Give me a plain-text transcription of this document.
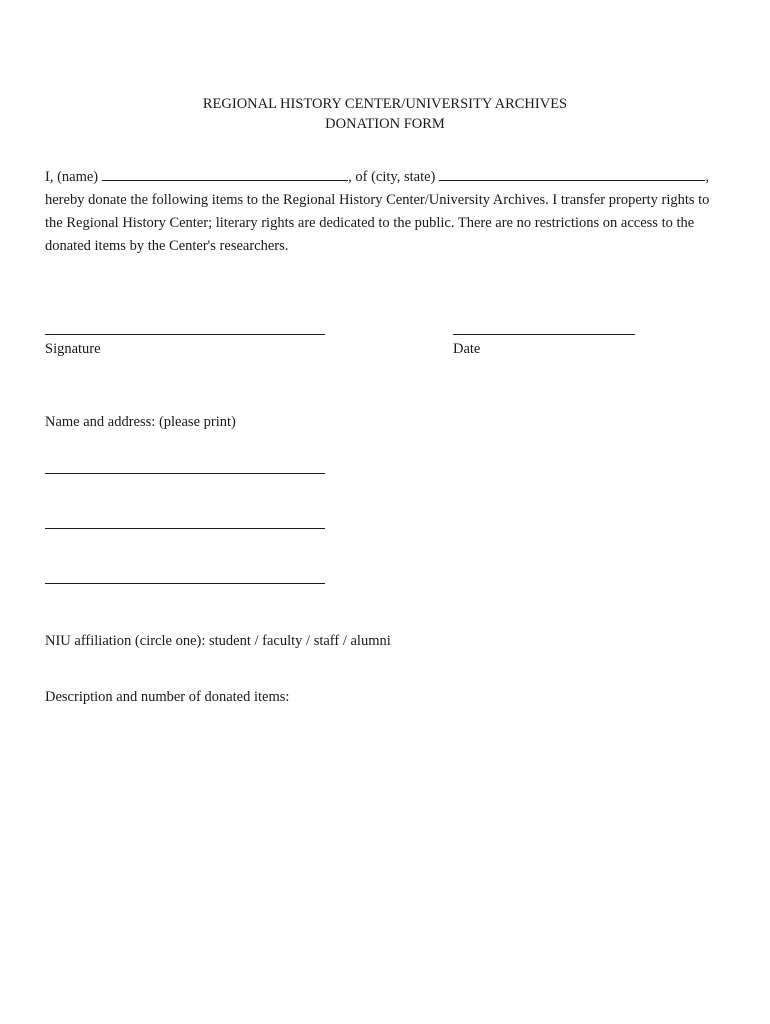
REGIONAL HISTORY CENTER/UNIVERSITY ARCHIVES
DONATION FORM
I, (name)	, of (city, state)	,
hereby donate the following items to the Regional History Center/University Archives. I transfer property rights to the Regional History Center; literary rights are dedicated to the public. There are no restrictions on access to the donated items by the Center's researchers.
Signature	Date
Name and address: (please print)
NIU affiliation (circle one): student / faculty / staff / alumni
Description and number of donated items:
